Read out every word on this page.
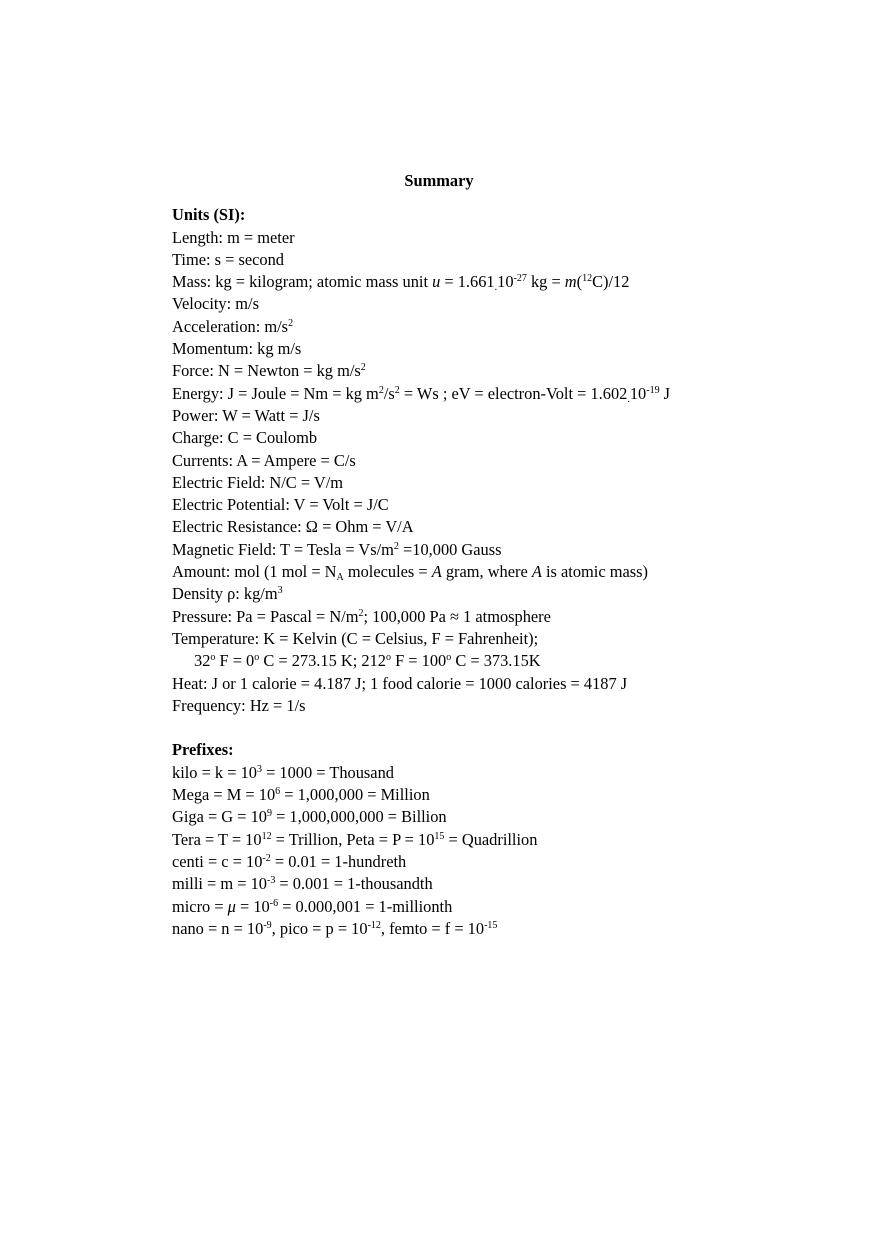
Summary
Units (SI):
Length: m = meter
Time: s = second
Mass: kg = kilogram; atomic mass unit $u = 1.661_.10^{-27}$ kg = m($^{12}$C)/12
Velocity: m/s
Acceleration: $m/s^2$
Momentum: kg m/s
Force: N = Newton = kg $m/s^2$
Energy: J = Joule = Nm = kg $m^2/s^2 = Ws$ ; eV = electron-Volt = $1.602_.10^{-19}$ J
Power: W = Watt = J/s
Charge: C = Coulomb
Currents: A = Ampere = C/s
Electric Field: N/C = V/m
Electric Potential: V = Volt = J/C
Electric Resistance: Ω = Ohm = V/A
Magnetic Field: T = Tesla = $Vs/m^2 =10,000$ Gauss
Amount: mol (1 mol = $N_A$ molecules = A gram, where A is atomic mass)
Density ρ: $kg/m^3$
Pressure: Pa = Pascal = $N/m^2$; 100,000 Pa ≈ 1 atmosphere
Temperature: K = Kelvin (C = Celsius, F = Fahrenheit);
32$^o$ $F = 0^o$ C = 273.15 K; 212$^o$ $F = 100^o$ C = 373.15K
Heat: J or 1 calorie = 4.187 J; 1 food calorie = 1000 calories = 4187 J
Frequency: Hz = 1/s
Prefixes:
kilo = $k = 10^3 = 1000$ = Thousand
Mega = $M = 10^6 = 1,000,000$ = Million
Giga = $G = 10^9 = 1,000,000,000$ = Billion
Tera = $T = 10^{12}$ = Trillion, Peta = $P = 10^{15}$ = Quadrillion
centi = $c = 10^{-2} = 0.01$ = 1-hundreth
milli = $m = 10^{-3} = 0.001$ = 1-thousandth
micro = $\mu = 10^{-6} = 0.000,001$ = 1-millionth
nano = $n = 10^{-9}$, pico = $p = 10^{-12}$, femto = $f = 10^{-15}$
